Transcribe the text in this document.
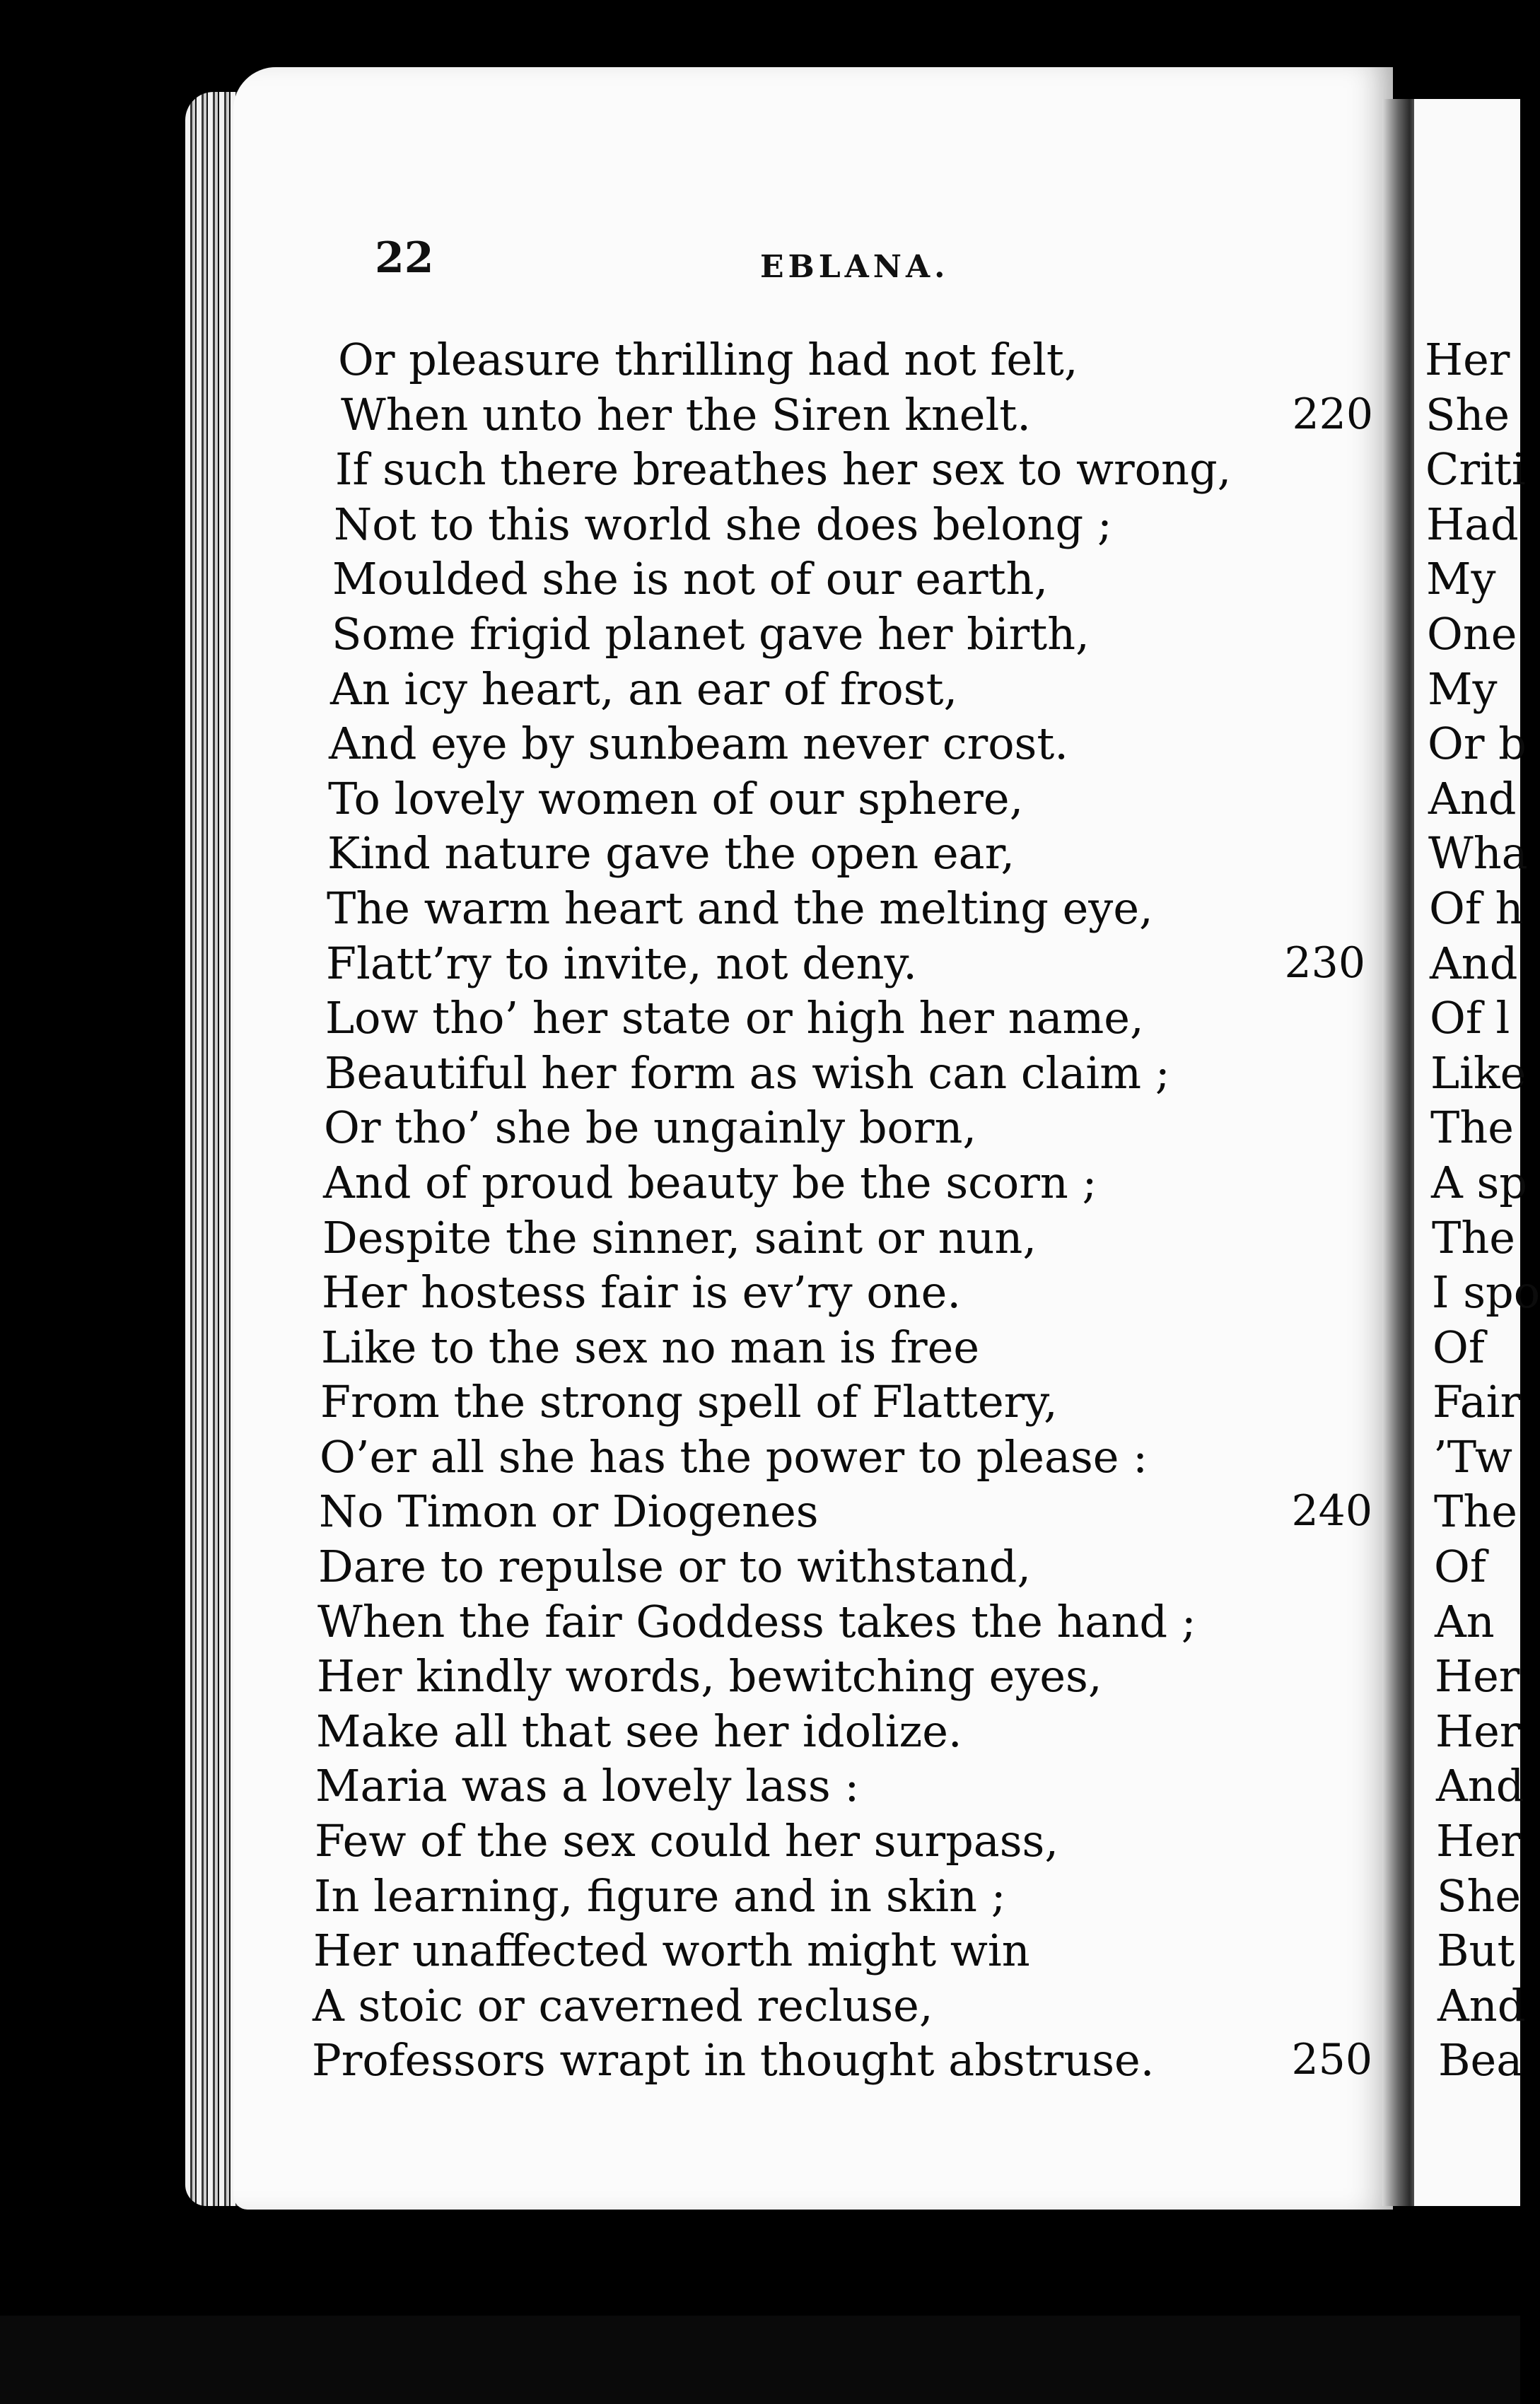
22	EBLANA.
Or pleasure thrilling had not felt,
When unto her the Siren knelt.	220
If such there breathes her sex to wrong,
Not to this world she does belong ;
Moulded she is not of our earth,
Some frigid planet gave her birth,
An icy heart, an ear of frost,
And eye by sunbeam never crost.
To lovely women of our sphere,
Kind nature gave the open ear,
The warm heart and the melting eye,
Flatt’ry to invite, not deny.	230
Low tho’ her state or high her name,
Beautiful her form as wish can claim ;
Or tho’ she be ungainly born,
And of proud beauty be the scorn ;
Despite the sinner, saint or nun,
Her hostess fair is ev’ry one.
Like to the sex no man is free
From the strong spell of Flattery,
O’er all she has the power to please :
No Timon or Diogenes	240
Dare to repulse or to withstand,
When the fair Goddess takes the hand ;
Her kindly words, bewitching eyes,
Make all that see her idolize.
Maria was a lovely lass :
Few of the sex could her surpass,
In learning, figure and in skin ;
Her unaffected worth might win
A stoic or caverned recluse,
Professors wrapt in thought abstruse.	250
Her
She
Criti
Had
My
One
My
Or b
And
Wha
Of h
And
Of l
Like
The
A sp
The
I spo
Of
Fair
’Tw
The
Of
An
Her
Her
And
Her
She
But
And
Bea
